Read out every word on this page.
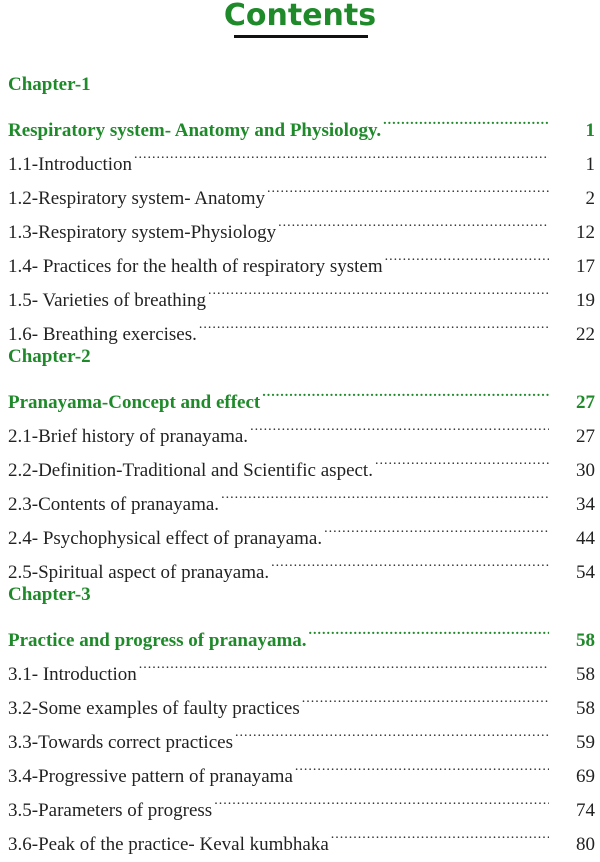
Contents
Chapter-1
Respiratory system- Anatomy and Physiology. .....	1
1.1-Introduction .....	1
1.2-Respiratory system- Anatomy .....	2
1.3-Respiratory system-Physiology .....	12
1.4- Practices for the health of respiratory system .....	17
1.5- Varieties of breathing .....	19
1.6- Breathing exercises. .....	22
Chapter-2
Pranayama-Concept and effect .....	27
2.1-Brief history of pranayama. .....	27
2.2-Definition-Traditional and Scientific aspect. .....	30
2.3-Contents of pranayama. .....	34
2.4- Psychophysical effect of pranayama. .....	44
2.5-Spiritual aspect of pranayama. .....	54
Chapter-3
Practice and progress of pranayama. .....	58
3.1- Introduction .....	58
3.2-Some examples of faulty practices .....	58
3.3-Towards correct practices .....	59
3.4-Progressive pattern of pranayama .....	69
3.5-Parameters of progress .....	74
3.6-Peak of the practice- Keval kumbhaka .....	80
